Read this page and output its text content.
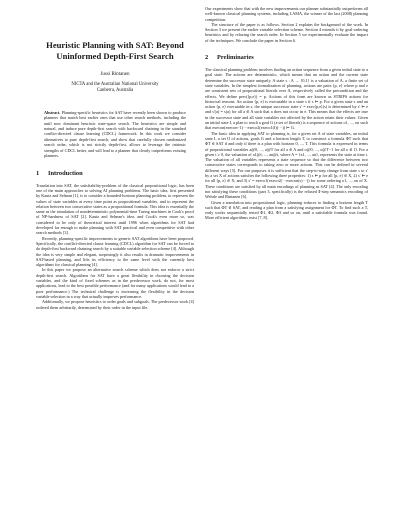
Heuristic Planning with SAT: Beyond Uninformed Depth-First Search
Jussi Rintanen
NICTA and the Australian National University
Canberra, Australia
Abstract. Planning-specific heuristics for SAT have recently been shown to produce planners that match best earlier ones that use other search methods, including the until now dominant heuristic state-space search. The heuristics are simple and natural, and induce pure depth-first search with backward chaining in the standard conflict-directed clause learning (CDCL) framework. In this work we consider alternatives to pure depth-first search, and show that carefully chosen randomized search order, which is not strictly depth-first, allows to leverage the intrinsic strengths of CDCL better, and will lead to a planner that clearly outperforms existing planners.
1 Introduction

Translation into SAT, the satisfiability-problem of the classical propositional logic, has been one of the main approaches to solving AI planning problems. The basic idea, first presented by Kautz and Selman [1], is to consider a bounded-horizon planning problem, to represent the values of state variables at every time point as propositional variables, and to represent the relation between two consecutive states as a propositional formula. This idea is essentially the same as the simulation of nondeterministic polynomial-time Turing machines in Cook's proof of NP-hardness of SAT [2]. Kautz and Selman's idea, and Cook's even more so, was considered to be only of theoretical interest until 1996 when algorithms for SAT had developed far enough to make planning with SAT practical and even competitive with other search methods [3].

Recently, planning-specific improvements to generic SAT algorithms have been proposed. Specifically, the conflict-directed clause learning (CDCL) algorithm for SAT can be forced to do depth-first backward chaining search by a suitable variable selection scheme [4]. Although the idea is very simple and elegant, surprisingly it also results in dramatic improvements in SAT-based planning, and lifts its efficiency to the same level with the currently best algorithms for classical planning [4].

In this paper we propose an alternative search scheme which does not enforce a strict depth-first search. Algorithms for SAT have a great flexibility in choosing the decision variables, and the kind of fixed schemes as in the predecessor work, do not, for most applications, lead to the best possible performance (and for many applications would lead to a poor performance.) The technical challenge is increasing the flexibility in the decision variable selection in a way that actually improves performance.

Additionally, we propose heuristics to order goals and subgoals. The predecessor work [4] ordered them arbitrarily, determined by their order in the input file.

Our experiments show that with the new improvements our planner substantially outperforms all well-known classical planning systems, including LAMA, the winner of the last (2008) planning competition.

The structure of the paper is as follows. Section 2 explains the background of the work. In Section 3 we present the earlier variable selection scheme. Section 4 extends it by goal-ordering heuristics and by relaxing the search order. In Section 5 we experimentally evaluate the impact of the techniques. We conclude the paper in Section 6.

2 Preliminaries

The classical planning problem involves finding an action sequence from a given initial state to a goal state. The actions are deterministic, which means that an action and the current state determine the successor state uniquely. A state s : A → {0,1} is a valuation of A, a finite set of state variables. In the simplest formalization of planning, actions are pairs ⟨p, e⟩ where p and e are consistent sets of propositional literals over A, respectively called the precondition and the effects. We define prec(⟨p,e⟩) = p. Actions of this form are known as STRIPS actions for historical reasons. An action ⟨p, e⟩ is executable in a state s if s ⊨ p. For a given state s and an action ⟨p, e⟩ executable in s, the unique successor state s' = exec⟨p,e⟩(s) is determined by s' ⊨ e and s'(a) = s(a) for all a ∈ A such that a does not occur in e. This means that the effects are true in the successor state and all state variables not affected by the action retain their values. Given an initial state I, a plan to reach a goal G (a set of literals) is a sequence of actions o1, ..., on such that execon(execon−1(···execo2(execo1(I))···)) ⊨ G.

The basic idea in applying SAT to planning is, for a given set A of state variables, an initial state I, a set O of actions, goals G and a horizon length T, to construct a formula ΦT such that ΦT ∈ SAT if and only if there is a plan with horizon 0, ..., T. This formula is expressed in terms of propositional variables a@0, ..., a@T for all a ∈ A and o@0, ..., o@T−1 for all o ∈ O. For a given t ≥ 0, the valuation of a1@t, ..., an@t, where A = {a1, ..., an}, represents the state at time t. The valuation of all variables represents a state sequence so that the difference between two consecutive states corresponds to taking zero or more actions. This can be defined in several different ways [5]. For our purposes it is sufficient that the step-to-step change from state s to s' by a set X of actions satisfies the following three properties: 1) s ⊨ p for all ⟨p, e⟩ ∈ X, 2) s' ⊨ e for all ⟨p, e⟩ ∈ X, and 3) s' = execo1(execo2(···execon(s)···)) for some ordering o1, ..., on of X. These conditions are satisfied by all main encodings of planning as SAT [4]. The only encoding not satisfying these conditions (part 3, specifically) is the relaxed ∃-step semantics encoding of Wehrle and Rintanen [6].

Given a translation into propositional logic, planning reduces to finding a horizon length T such that ΦT ∈ SAT, and reading a plan from a satisfying assignment for ΦT. To find such a T, early works sequentially tested Φ1, Φ2, Φ3 and so on, until a satisfiable formula was found. More efficient algorithms exist [7, 8].
